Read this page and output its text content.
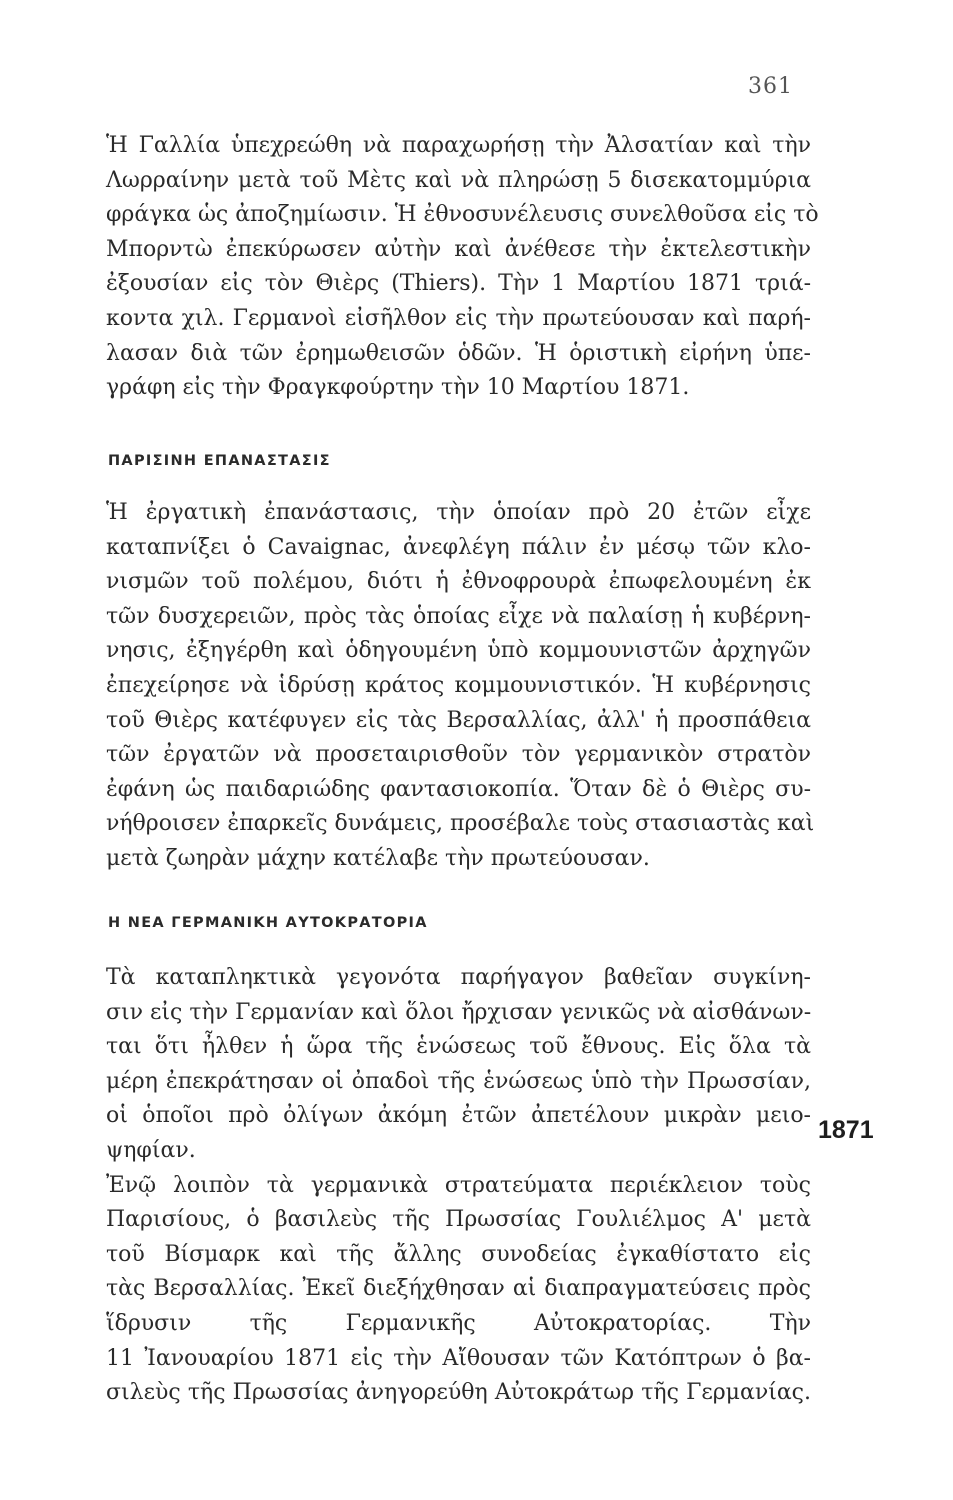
361
Ἡ Γαλλία ὑπεχρεώθη νὰ παραχωρήσῃ τὴν Ἀλσατίαν καὶ τὴν
Λωρραίνην μετὰ τοῦ Μὲτς καὶ νὰ πληρώσῃ 5 δισεκατομμύρια
φράγκα ὡς ἀποζημίωσιν. Ἡ ἐθνοσυνέλευσις συνελθοῦσα εἰς τὸ
Μπορντὼ ἐπεκύρωσεν αὐτὴν καὶ ἀνέθεσε τὴν ἐκτελεστικὴν
ἐξουσίαν εἰς τὸν Θιὲρς (Thiers). Τὴν 1 Μαρτίου 1871 τριά-
κοντα χιλ. Γερμανοὶ εἰσῆλθον εἰς τὴν πρωτεύουσαν καὶ παρή-
λασαν διὰ τῶν ἐρημωθεισῶν ὁδῶν. Ἡ ὁριστικὴ εἰρήνη ὑπε-
γράφη εἰς τὴν Φραγκφούρτην τὴν 10 Μαρτίου 1871.
ΠΑΡΙΣΙΝΗ ΕΠΑΝΑΣΤΑΣΙΣ
Ἡ ἐργατικὴ ἐπανάστασις, τὴν ὁποίαν πρὸ 20 ἐτῶν εἶχε
καταπνίξει ὁ Cavaignac, ἀνεφλέγη πάλιν ἐν μέσῳ τῶν κλο-
νισμῶν τοῦ πολέμου, διότι ἡ ἐθνοφρουρὰ ἐπωφελουμένη ἐκ
τῶν δυσχερειῶν, πρὸς τὰς ὁποίας εἶχε νὰ παλαίσῃ ἡ κυβέρνη-
νησις, ἐξηγέρθη καὶ ὁδηγουμένη ὑπὸ κομμουνιστῶν ἀρχηγῶν
ἐπεχείρησε νὰ ἱδρύσῃ κράτος κομμουνιστικόν. Ἡ κυβέρνησις
τοῦ Θιὲρς κατέφυγεν εἰς τὰς Βερσαλλίας, ἀλλ' ἡ προσπάθεια
τῶν ἐργατῶν νὰ προσεταιρισθοῦν τὸν γερμανικὸν στρατὸν
ἐφάνη ὡς παιδαριώδης φαντασιοκοπία. Ὅταν δὲ ὁ Θιὲρς συ-
νήθροισεν ἐπαρκεῖς δυνάμεις, προσέβαλε τοὺς στασιαστὰς καὶ
μετὰ ζωηρὰν μάχην κατέλαβε τὴν πρωτεύουσαν.
Η ΝΕΑ ΓΕΡΜΑΝΙΚΗ ΑΥΤΟΚΡΑΤΟΡΙΑ
Τὰ καταπληκτικὰ γεγονότα παρήγαγον βαθεῖαν συγκίνη-
σιν εἰς τὴν Γερμανίαν καὶ ὅλοι ἤρχισαν γενικῶς νὰ αἰσθάνων-
ται ὅτι ἦλθεν ἡ ὥρα τῆς ἑνώσεως τοῦ ἔθνους. Εἰς ὅλα τὰ
μέρη ἐπεκράτησαν οἱ ὀπαδοὶ τῆς ἑνώσεως ὑπὸ τὴν Πρωσσίαν,
οἱ ὁποῖοι πρὸ ὀλίγων ἀκόμη ἐτῶν ἀπετέλουν μικρὰν μειο-
ψηφίαν.
Ἐνῷ λοιπὸν τὰ γερμανικὰ στρατεύματα περιέκλειον τοὺς
Παρισίους, ὁ βασιλεὺς τῆς Πρωσσίας Γουλιέλμος Α' μετὰ
τοῦ Βίσμαρκ καὶ τῆς ἄλλης συνοδείας ἐγκαθίστατο εἰς
τὰς Βερσαλλίας. Ἐκεῖ διεξήχθησαν αἱ διαπραγματεύσεις πρὸς
ἵδρυσιν τῆς Γερμανικῆς Αὐτοκρατορίας. Τὴν
11 Ἰανουαρίου 1871 εἰς τὴν Αἴθουσαν τῶν Κατόπτρων ὁ βα-
σιλεὺς τῆς Πρωσσίας ἀνηγορεύθη Αὐτοκράτωρ τῆς Γερμανίας.
1871
